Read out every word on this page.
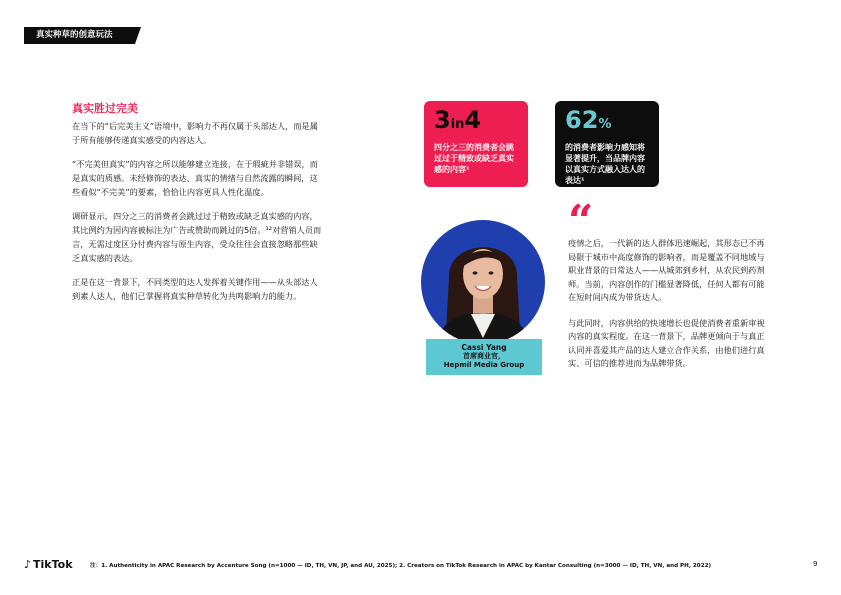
真实种草的创意玩法
真实胜过完美

在当下的“后完美主义”语境中，影响力不再仅属于头部达人，而是属于所有能够传递真实感受的内容达人。

“不完美但真实”的内容之所以能够建立连接，在于瑕疵并非错误，而是真实的质感。未经修饰的表达、真实的情绪与自然流露的瞬间，这些看似“不完美”的要素，恰恰让内容更具人性化温度。

调研显示，四分之三的消费者会跳过过于精致或缺乏真实感的内容，其比例约为因内容被标注为广告或赞助而跳过的5倍。¹²对营销人员而言，无需过度区分付费内容与原生内容，受众往往会直接忽略那些缺乏真实感的表达。

正是在这一背景下，不同类型的达人发挥着关键作用——从头部达人到素人达人，他们已掌握将真实种草转化为共鸣影响力的能力。

3in4
四分之三的消费者会跳过过于精致或缺乏真实感的内容¹
62%
的消费者影响力感知将显著提升，当品牌内容以真实方式融入达人的表达¹
Cassi Yang
首席商业官，
Hepmil Media Group
“

疫情之后，一代新的达人群体迅速崛起，其形态已不再局限于城市中高度修饰的影响者，而是覆盖不同地域与职业背景的日常达人——从城郊到乡村，从农民到药剂师。当前，内容创作的门槛显著降低，任何人都有可能在短时间内成为带货达人。

与此同时，内容供给的快速增长也促使消费者重新审视内容的真实程度。在这一背景下，品牌更倾向于与真正认同并喜爱其产品的达人建立合作关系，由他们进行真实、可信的推荐进而为品牌带货。

♪ TikTok	注：1. Authenticity in APAC Research by Accenture Song (n=1000 — ID, TH, VN, JP, and AU, 2025); 2. Creators on TikTok Research in APAC by Kantar Consulting (n=3000 — ID, TH, VN, and PH, 2022)	9
